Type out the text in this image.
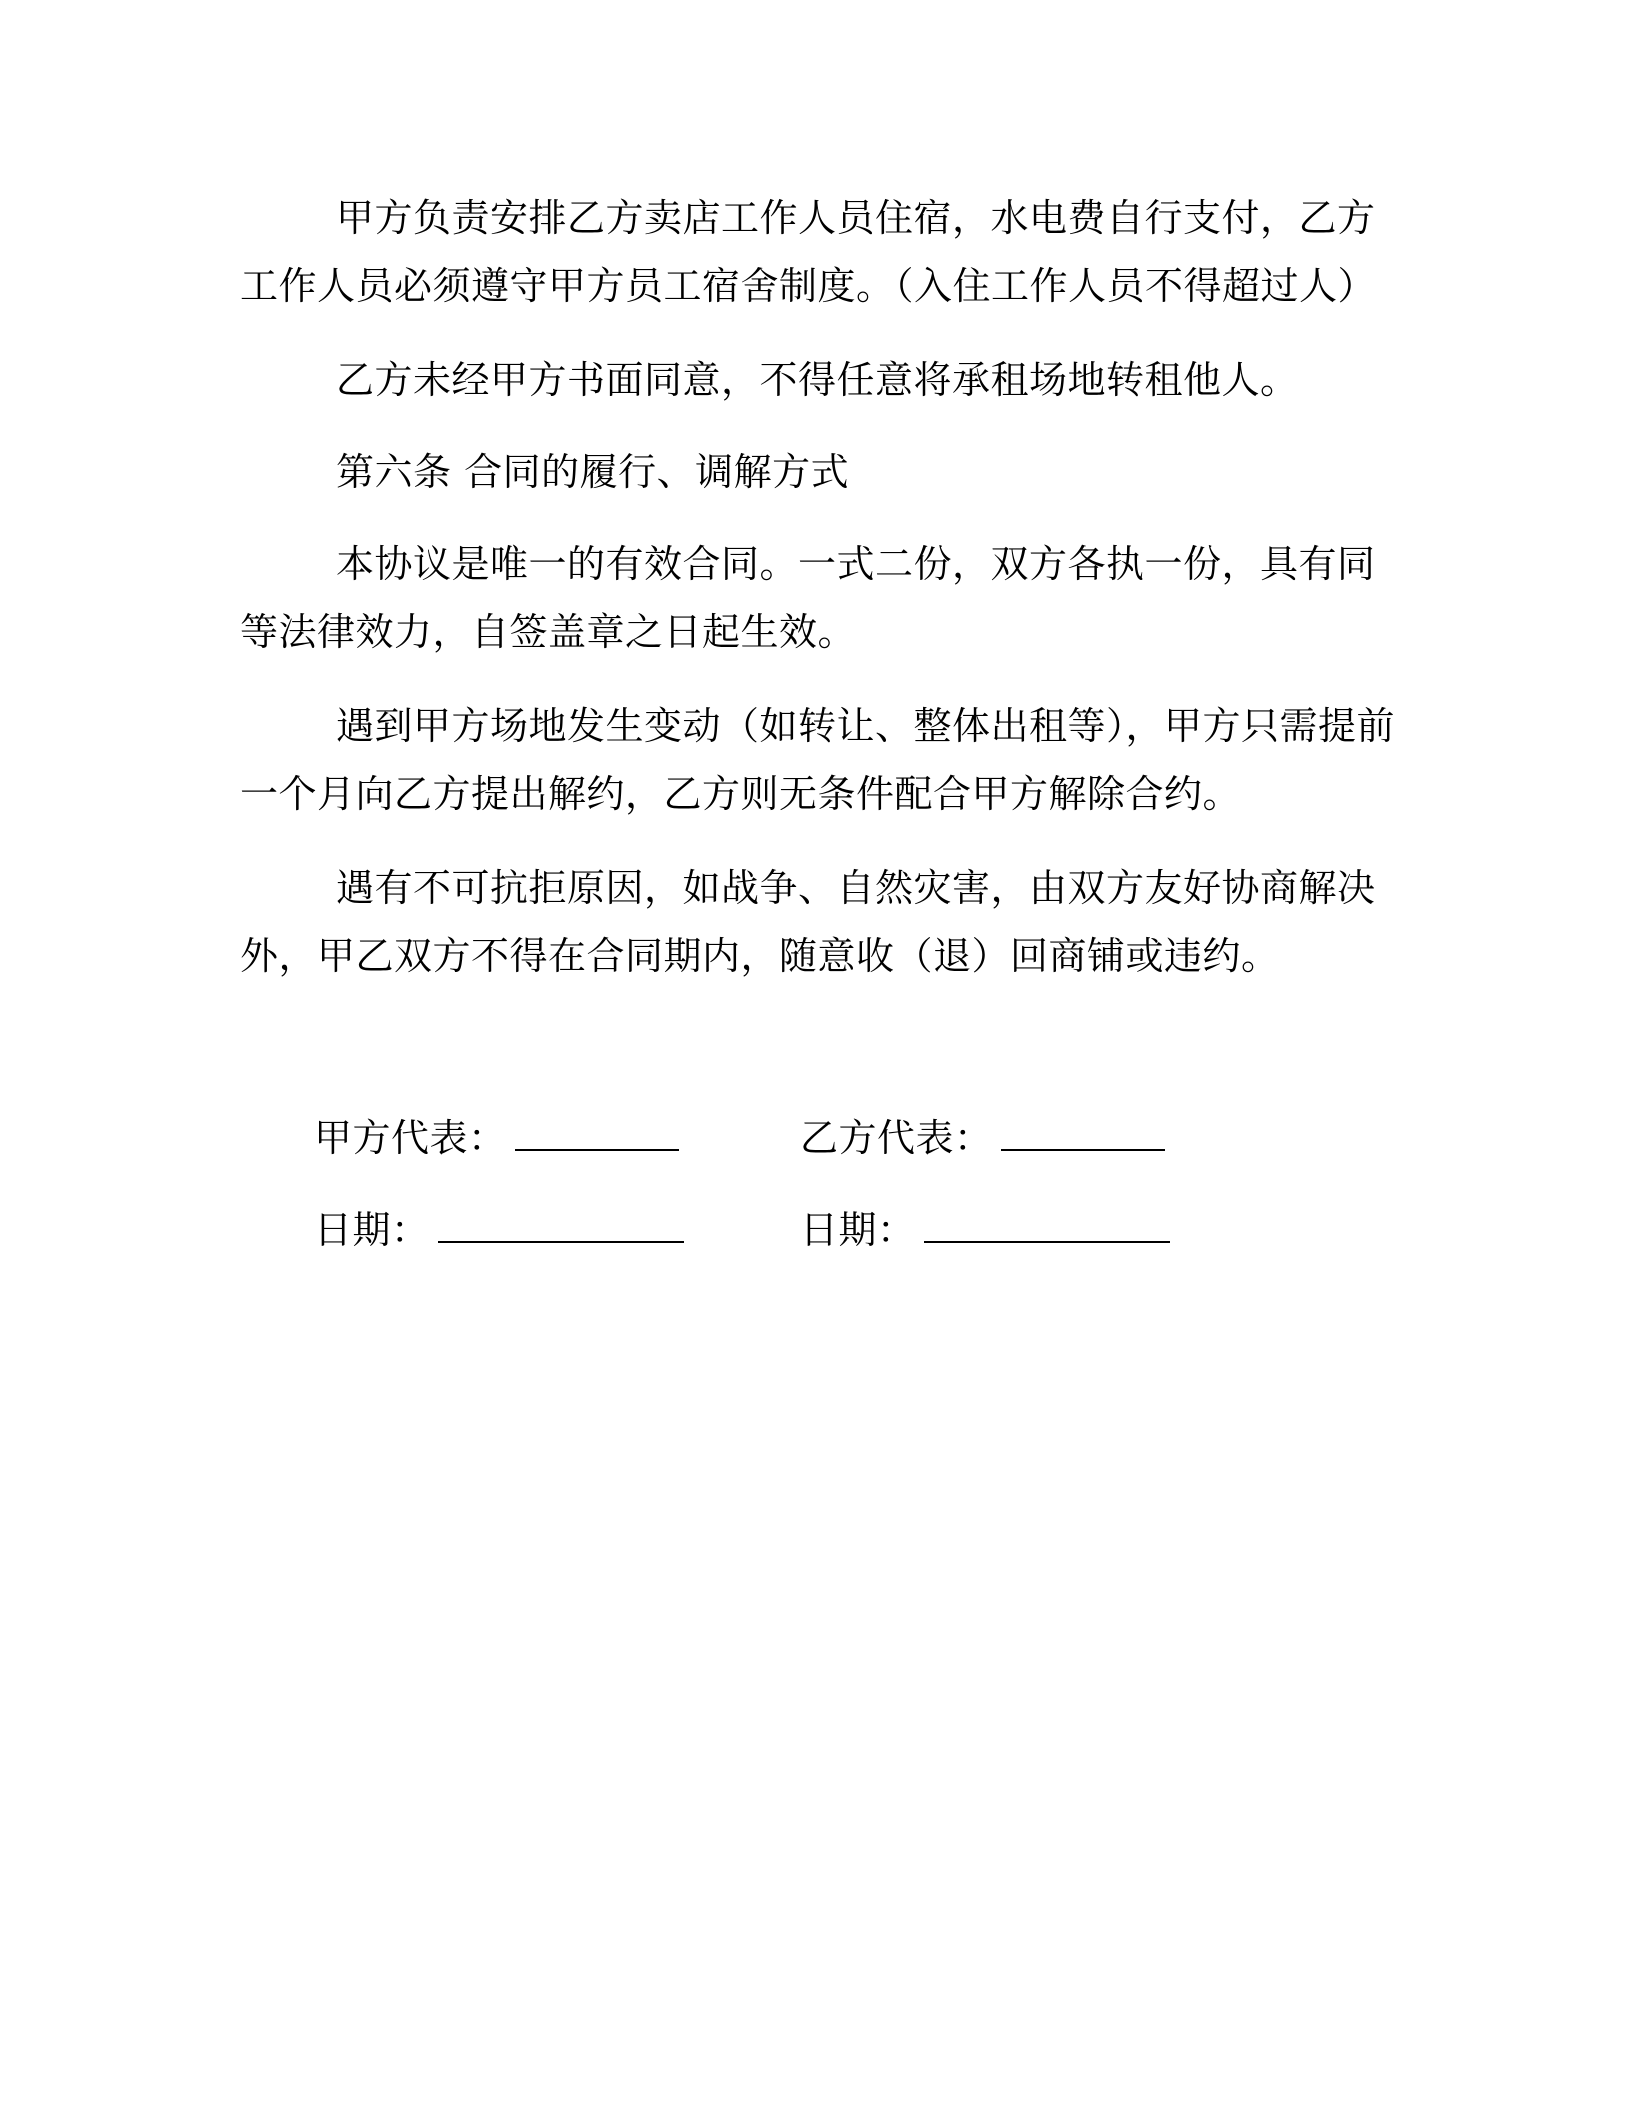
甲方负责安排乙方卖店工作人员住宿，水电费自行支付，乙方工作人员必须遵守甲方员工宿舍制度。（入住工作人员不得超过人）

乙方未经甲方书面同意，不得任意将承租场地转租他人。

第六条 合同的履行、调解方式

本协议是唯一的有效合同。一式二份，双方各执一份，具有同等法律效力，自签盖章之日起生效。

遇到甲方场地发生变动（如转让、整体出租等），甲方只需提前一个月向乙方提出解约，乙方则无条件配合甲方解除合约。

遇有不可抗拒原因，如战争、自然灾害，由双方友好协商解决外，甲乙双方不得在合同期内，随意收（退）回商铺或违约。

甲方代表：	乙方代表：
日期：	日期：
